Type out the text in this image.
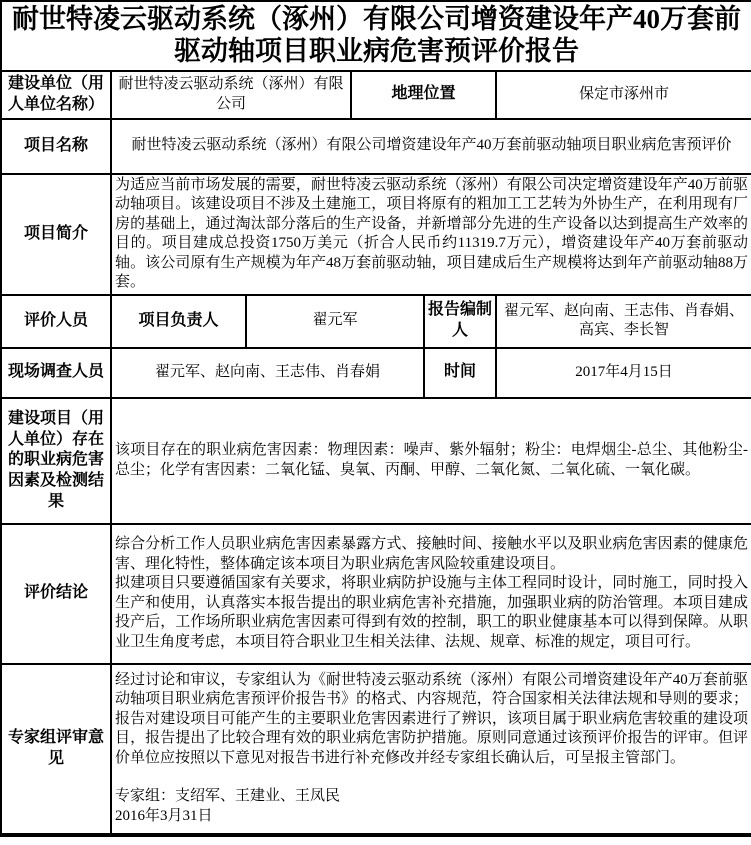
耐世特凌云驱动系统（涿州）有限公司增资建设年产40万套前驱动轴项目职业病危害预评价报告					
建设单位（用人单位名称）	耐世特凌云驱动系统（涿州）有限公司		地理位置		保定市涿州市
项目名称	耐世特凌云驱动系统（涿州）有限公司增资建设年产40万套前驱动轴项目职业病危害预评价				
项目简介	为适应当前市场发展的需要，耐世特凌云驱动系统（涿州）有限公司决定增资建设年产40万前驱动轴项目。该建设项目不涉及土建施工，项目将原有的粗加工工艺转为外协生产，在利用现有厂房的基础上，通过淘汰部分落后的生产设备，并新增部分先进的生产设备以达到提高生产效率的目的。项目建成总投资1750万美元（折合人民币约11319.7万元），增资建设年产40万套前驱动轴。该公司原有生产规模为年产48万套前驱动轴，项目建成后生产规模将达到年产前驱动轴88万套。				
评价人员	项目负责人	翟元军		报告编制人	翟元军、赵向南、王志伟、肖春娟、高宾、李长智
现场调查人员	翟元军、赵向南、王志伟、肖春娟			时间	2017年4月15日
建设项目（用人单位）存在的职业病危害因素及检测结果	该项目存在的职业病危害因素：物理因素：噪声、紫外辐射；粉尘：电焊烟尘-总尘、其他粉尘-总尘；化学有害因素：二氧化锰、臭氧、丙酮、甲醇、二氧化氮、二氧化硫、一氧化碳。				
评价结论	综合分析工作人员职业病危害因素暴露方式、接触时间、接触水平以及职业病危害因素的健康危害、理化特性，整体确定该本项目为职业病危害风险较重建设项目。
拟建项目只要遵循国家有关要求，将职业病防护设施与主体工程同时设计，同时施工，同时投入生产和使用，认真落实本报告提出的职业病危害补充措施，加强职业病的防治管理。本项目建成投产后，工作场所职业病危害因素可得到有效的控制，职工的职业健康基本可以得到保障。从职业卫生角度考虑，本项目符合职业卫生相关法律、法规、规章、标准的规定，项目可行。				

专家组评审意见	经过讨论和审议，专家组认为《耐世特凌云驱动系统（涿州）有限公司增资建设年产40万套前驱动轴项目职业病危害预评价报告书》的格式、内容规范，符合国家相关法律法规和导则的要求；报告对建设项目可能产生的主要职业危害因素进行了辨识，该项目属于职业病危害较重的建设项目，报告提出了比较合理有效的职业病危害防护措施。原则同意通过该预评价报告的评审。但评价单位应按照以下意见对报告书进行补充修改并经专家组长确认后，可呈报主管部门。
专家组：支绍军、王建业、王凤民
2016年3月31日				
